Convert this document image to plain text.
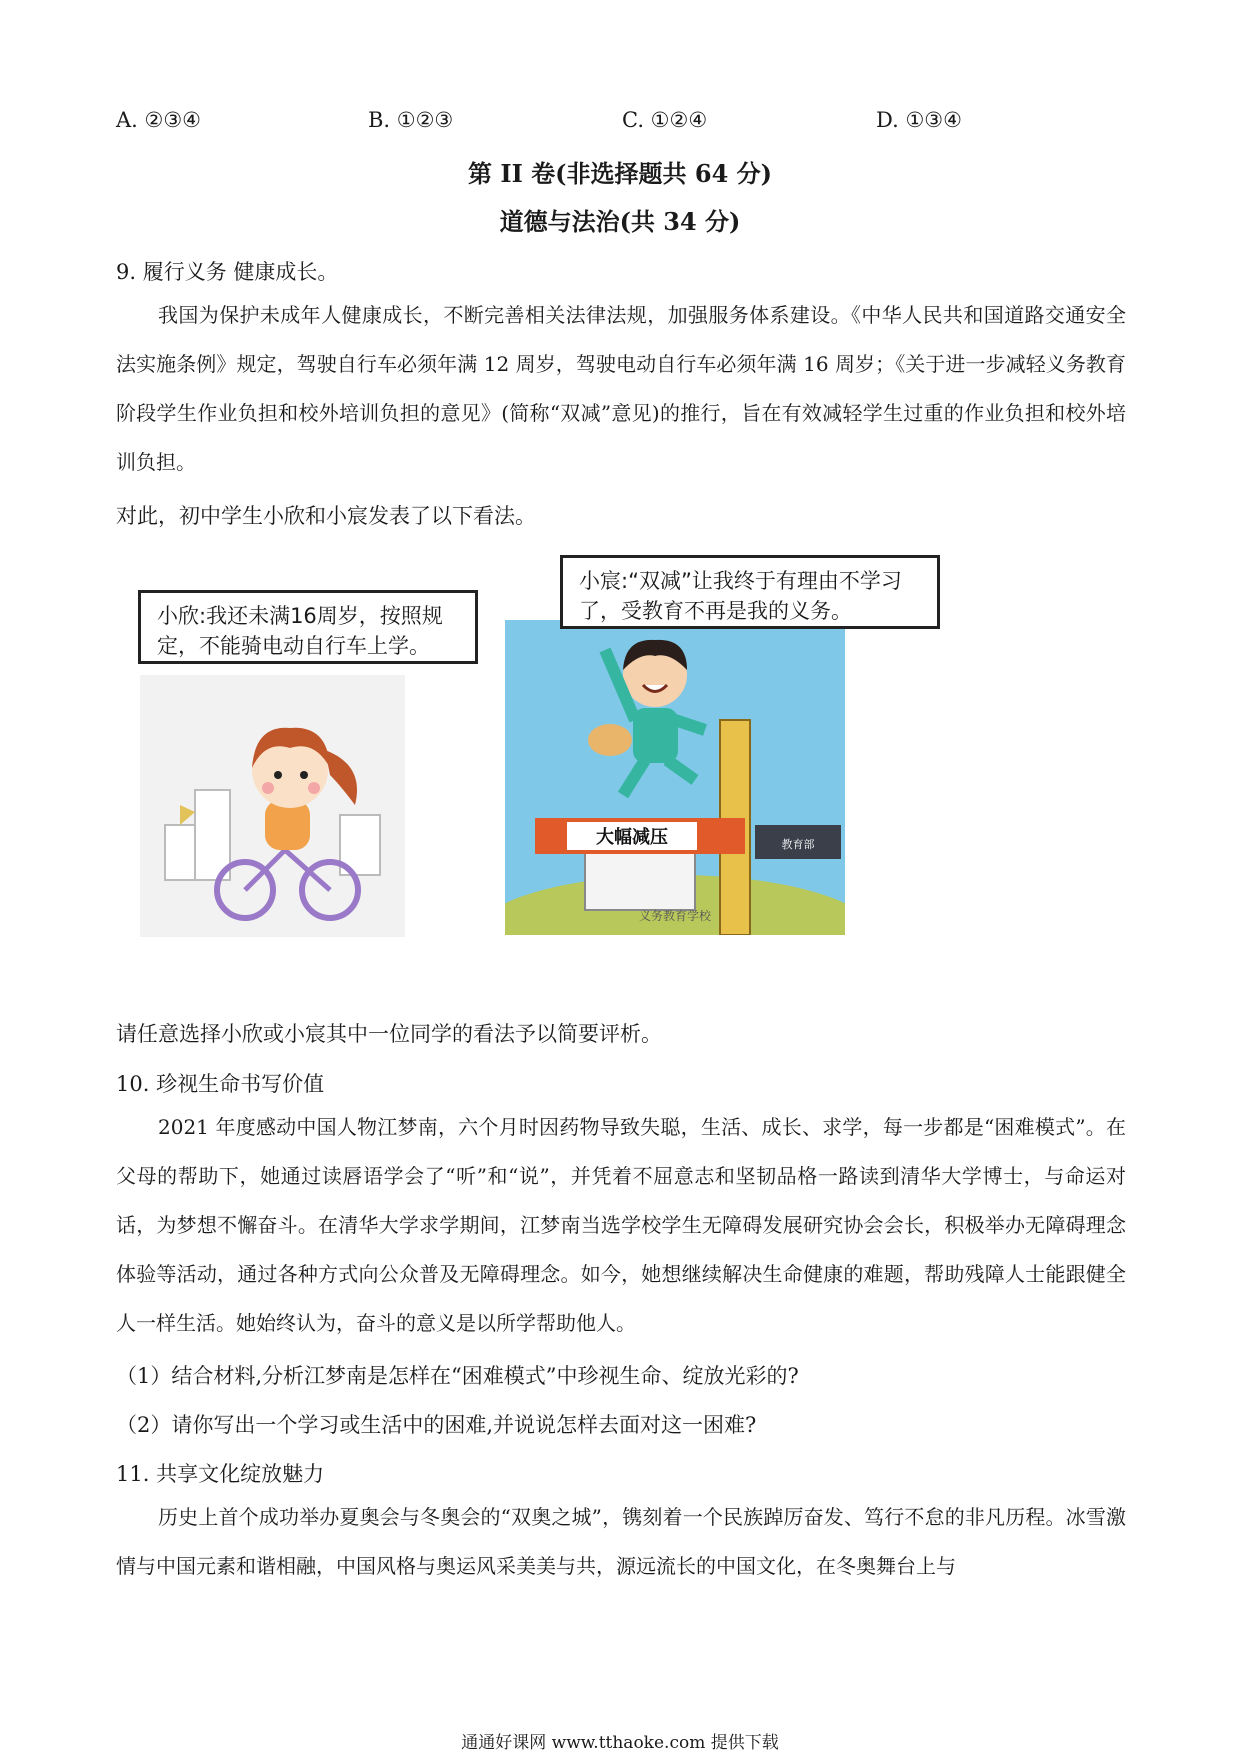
A. ②③④	B. ①②③	C. ①②④	D. ①③④
第 II 卷(非选择题共 64 分)
道德与法治(共 34 分)
9. 履行义务 健康成长。

我国为保护未成年人健康成长，不断完善相关法律法规，加强服务体系建设。《中华人民共和国道路交通安全法实施条例》规定，驾驶自行车必须年满 12 周岁，驾驶电动自行车必须年满 16 周岁；《关于进一步减轻义务教育阶段学生作业负担和校外培训负担的意见》(简称“双减”意见)的推行，旨在有效减轻学生过重的作业负担和校外培训负担。

对此，初中学生小欣和小宸发表了以下看法。
小欣:我还未满16周岁，按照规定，不能骑电动自行车上学。
大幅减压	教育部
义务教育学校
小宸:“双减”让我终于有理由不学习了，受教育不再是我的义务。
请任意选择小欣或小宸其中一位同学的看法予以简要评析。
10. 珍视生命书写价值

2021 年度感动中国人物江梦南，六个月时因药物导致失聪，生活、成长、求学，每一步都是“困难模式”。在父母的帮助下，她通过读唇语学会了“听”和“说”，并凭着不屈意志和坚韧品格一路读到清华大学博士，与命运对话，为梦想不懈奋斗。在清华大学求学期间，江梦南当选学校学生无障碍发展研究协会会长，积极举办无障碍理念体验等活动，通过各种方式向公众普及无障碍理念。如今，她想继续解决生命健康的难题，帮助残障人士能跟健全人一样生活。她始终认为，奋斗的意义是以所学帮助他人。

（1）结合材料,分析江梦南是怎样在“困难模式”中珍视生命、绽放光彩的?
（2）请你写出一个学习或生活中的困难,并说说怎样去面对这一困难?
11. 共享文化绽放魅力

历史上首个成功举办夏奥会与冬奥会的“双奥之城”，镌刻着一个民族踔厉奋发、笃行不怠的非凡历程。冰雪激情与中国元素和谐相融，中国风格与奥运风采美美与共，源远流长的中国文化，在冬奥舞台上与

通通好课网 www.tthaoke.com 提供下载
